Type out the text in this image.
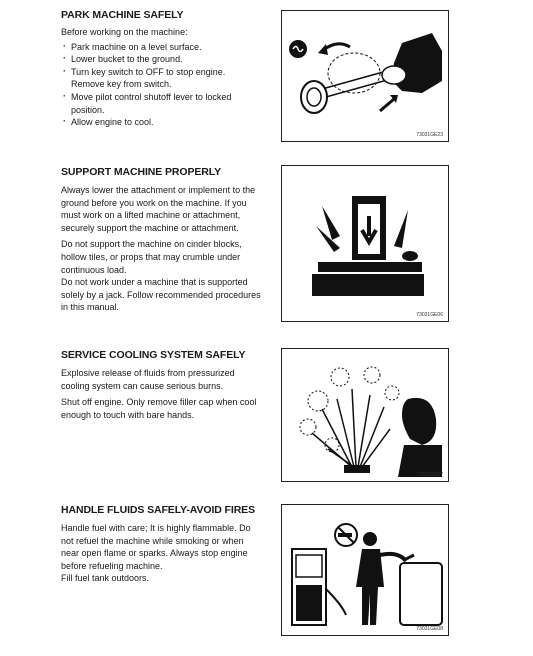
PARK MACHINE SAFELY

Before working on the machine:

· Park machine on a level surface.
· Lower bucket to the ground.
· Turn key switch to OFF to stop engine. Remove key from switch.
· Move pilot control shutoff lever to locked position.
· Allow engine to cool.
73031GE23
SUPPORT MACHINE PROPERLY

Always lower the attachment or implement to the ground before you work on the machine. If you must work on a lifted machine or attachment, securely support the machine or attachment.

Do not support the machine on cinder blocks, hollow tiles, or props that may crumble under continuous load.

Do not work under a machine that is supported solely by a jack. Follow recommended procedures in this manual.

73031GE06
SERVICE COOLING SYSTEM SAFELY

Explosive release of fluids from pressurized cooling system can cause serious burns.

Shut off engine. Only remove filler cap when cool enough to touch with bare hands.

73031GE07
HANDLE FLUIDS SAFELY-AVOID FIRES

Handle fuel with care; It is highly flammable. Do not refuel the machine while smoking or when near open flame or sparks. Always stop engine before refueling machine.

Fill fuel tank outdoors.

73031GE08
